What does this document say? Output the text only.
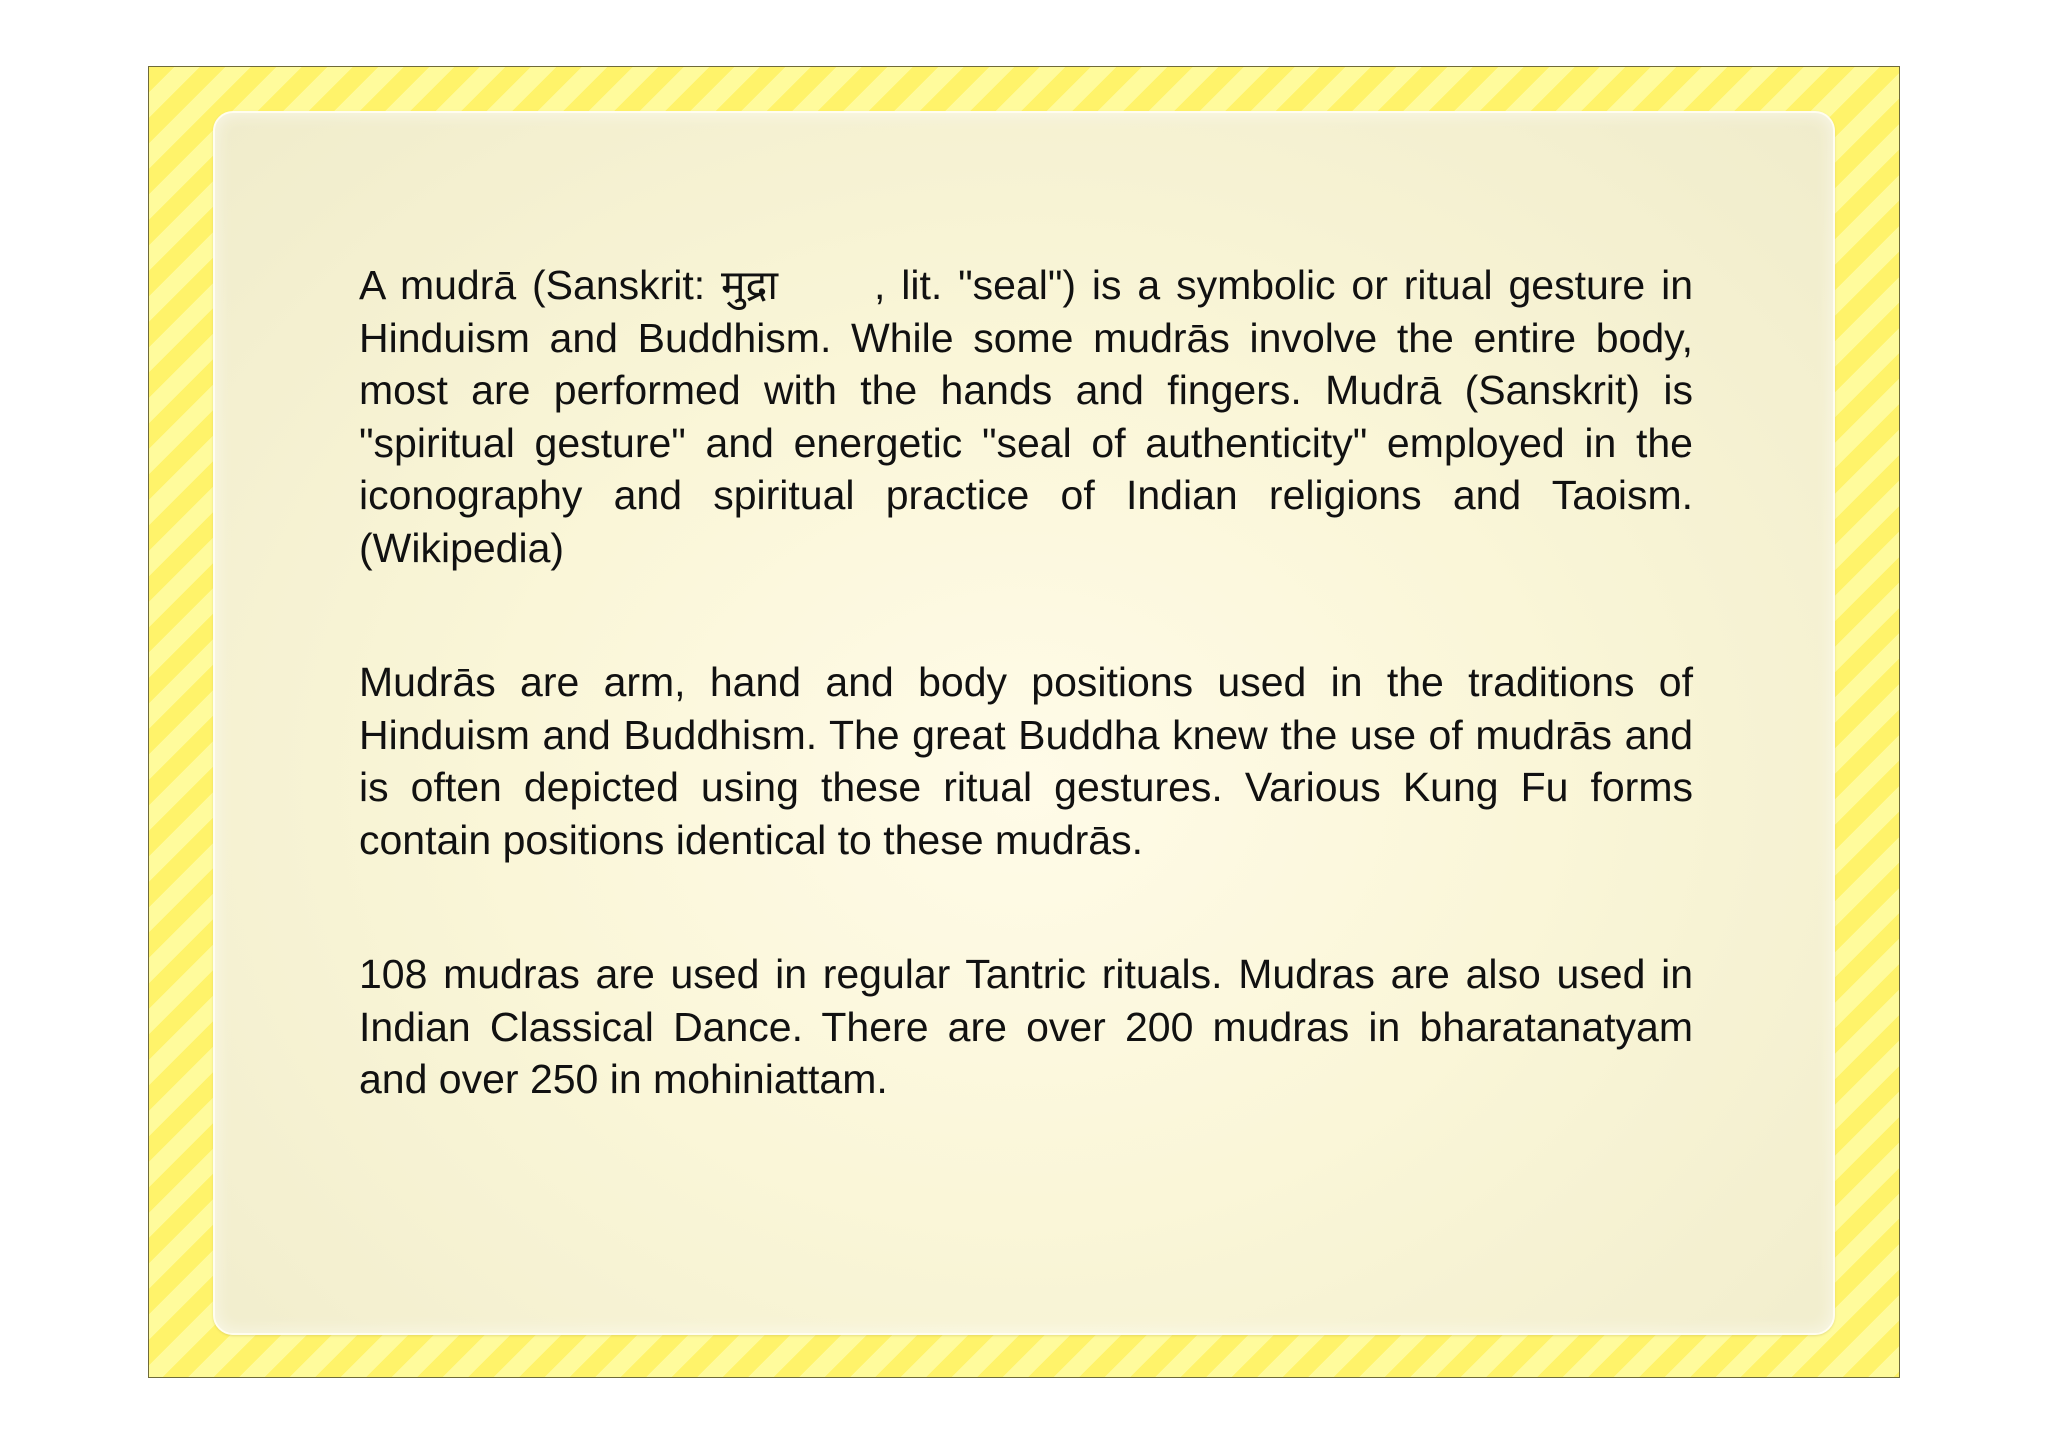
A mudrā (Sanskrit: मुद्रा , lit. "seal") is a symbolic or ritual gesture in Hinduism and Buddhism. While some mudrās involve the entire body, most are performed with the hands and fingers. Mudrā (Sanskrit) is "spiritual gesture" and energetic "seal of authenticity" employed in the iconography and spiritual practice of Indian religions and Taoism. (Wikipedia)

Mudrās are arm, hand and body positions used in the traditions of Hinduism and Buddhism. The great Buddha knew the use of mudrās and is often depicted using these ritual gestures. Various Kung Fu forms contain positions identical to these mudrās.

108 mudras are used in regular Tantric rituals. Mudras are also used in Indian Classical Dance. There are over 200 mudras in bharatanatyam and over 250 in mohiniattam.
